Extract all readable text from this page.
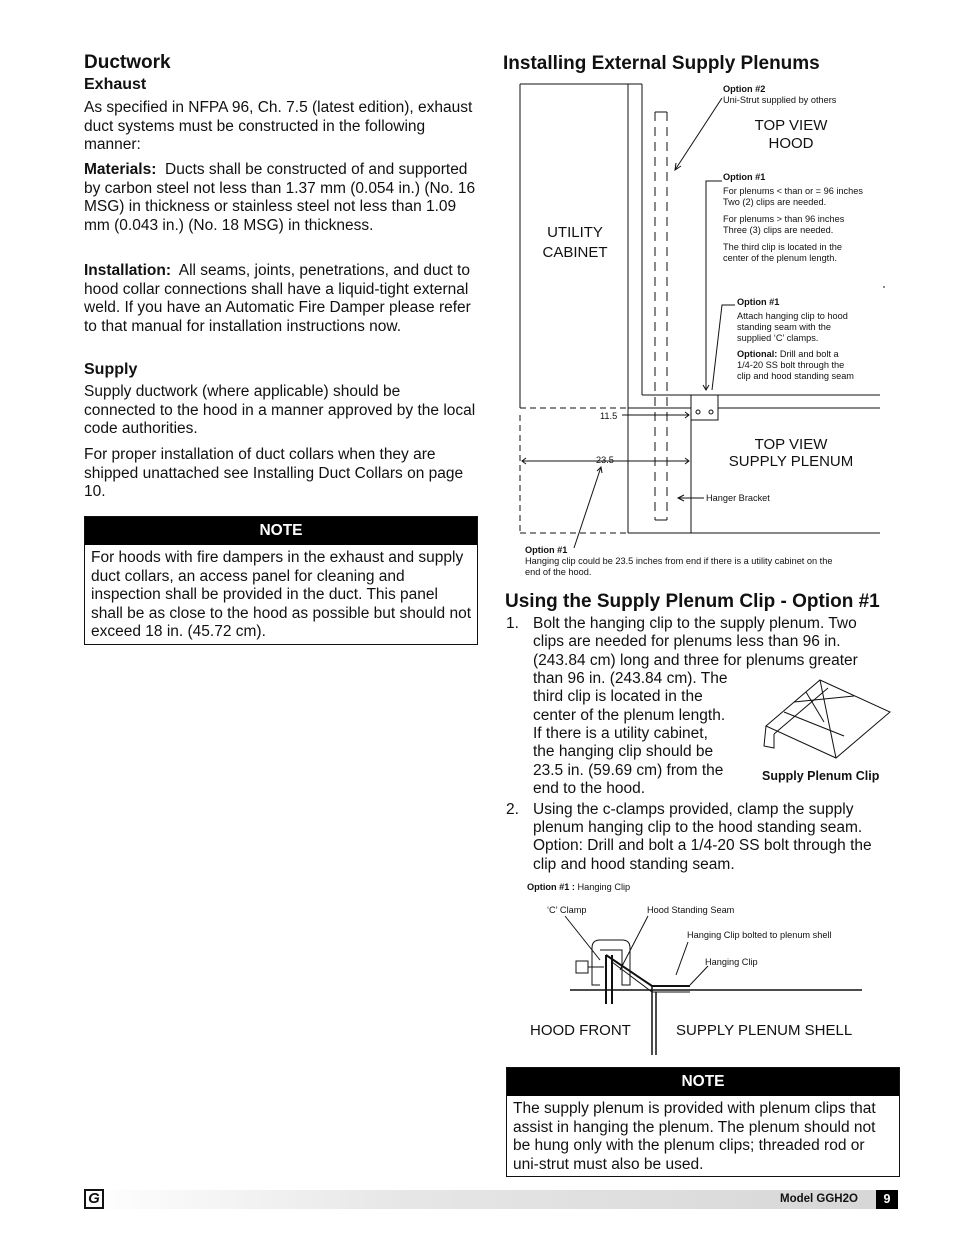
Ductwork
Exhaust
As specified in NFPA 96, Ch. 7.5 (latest edition), exhaust duct systems must be constructed in the following manner:
Materials: Ducts shall be constructed of and supported by carbon steel not less than 1.37 mm (0.054 in.) (No. 16 MSG) in thickness or stainless steel not less than 1.09 mm (0.043 in.) (No. 18 MSG) in thickness.
Installation: All seams, joints, penetrations, and duct to hood collar connections shall have a liquid-tight external weld. If you have an Automatic Fire Damper please refer to that manual for installation instructions now.
Supply
Supply ductwork (where applicable) should be connected to the hood in a manner approved by the local code authorities.
For proper installation of duct collars when they are shipped unattached see Installing Duct Collars on page 10.
NOTE
For hoods with fire dampers in the exhaust and supply duct collars, an access panel for cleaning and inspection shall be provided in the duct. This panel shall be as close to the hood as possible but should not exceed 18 in. (45.72 cm).
Installing External Supply Plenums
Option #2
Uni-Strut supplied by others
TOP VIEW
HOOD
Option #1
For plenums < than or = 96 inches
Two (2) clips are needed.
For plenums > than 96 inches
Three (3) clips are needed.
The third clip is located in the
center of the plenum length.
UTILITY
CABINET
Option #1
Attach hanging clip to hood
standing seam with the
supplied ‘C’ clamps.
Optional: Drill and bolt a
1/4-20 SS bolt through the
clip and hood standing seam
11.5
23.5
TOP VIEW
SUPPLY PLENUM
Hanger Bracket
Option #1
Hanging clip could be 23.5 inches from end if there is a utility cabinet on the
end of the hood.
Using the Supply Plenum Clip - Option #1
1. Bolt the hanging clip to the supply plenum. Two
clips are needed for plenums less than 96 in.
(243.84 cm) long and three for plenums greater
than 96 in. (243.84 cm). The
third clip is located in the
center of the plenum length.
If there is a utility cabinet,
the hanging clip should be
23.5 in. (59.69 cm) from the
end to the hood.
Supply Plenum Clip
2. Using the c-clamps provided, clamp the supply
plenum hanging clip to the hood standing seam.
Option: Drill and bolt a 1/4-20 SS bolt through the
clip and hood standing seam.
Option #1 : Hanging Clip
‘C’ Clamp	Hood Standing Seam
Hanging Clip bolted to plenum shell
Hanging Clip
HOOD FRONT	SUPPLY PLENUM SHELL
NOTE
The supply plenum is provided with plenum clips that assist in hanging the plenum. The plenum should not be hung only with the plenum clips; threaded rod or uni-strut must also be used.
G	Model GGH2O	9
